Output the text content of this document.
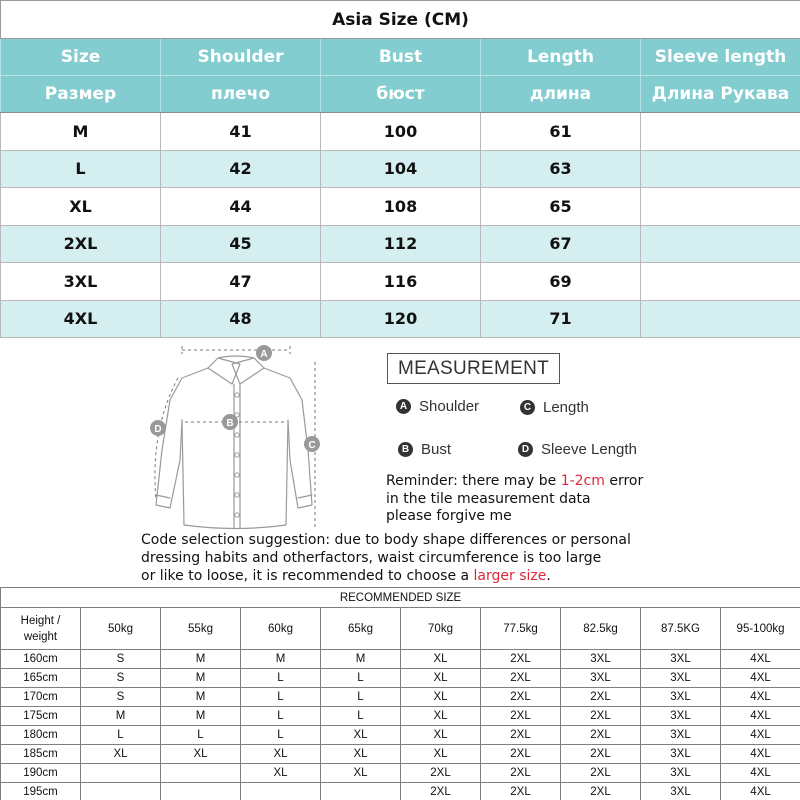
Asia Size (CM)				
Size	Shoulder	Bust	Length	Sleeve length
Размер	плечо	бюст	длина	Длина Рукава
M	41	100	61	
L	42	104	63	
XL	44	108	65	
2XL	45	112	67	
3XL	47	116	69	
4XL	48	120	71	
A
B
C
D
MEASUREMENT
A Shoulder	C Length
B Bust	D Sleeve Length
Reminder: there may be 1-2cm error
in the tile measurement data
please forgive me
Code selection suggestion: due to body shape differences or personal
dressing habits and otherfactors, waist circumference is too large
or like to loose, it is recommended to choose a larger size.
RECOMMENDED SIZE									

Height /
weight	50kg	55kg	60kg	65kg	70kg	77.5kg	82.5kg	87.5KG	95-100kg
160cm	S	M	M	M	XL	2XL	3XL	3XL	4XL
165cm	S	M	L	L	XL	2XL	3XL	3XL	4XL
170cm	S	M	L	L	XL	2XL	2XL	3XL	4XL
175cm	M	M	L	L	XL	2XL	2XL	3XL	4XL
180cm	L	L	L	XL	XL	2XL	2XL	3XL	4XL
185cm	XL	XL	XL	XL	XL	2XL	2XL	3XL	4XL
190cm			XL	XL	2XL	2XL	2XL	3XL	4XL
195cm					2XL	2XL	2XL	3XL	4XL
